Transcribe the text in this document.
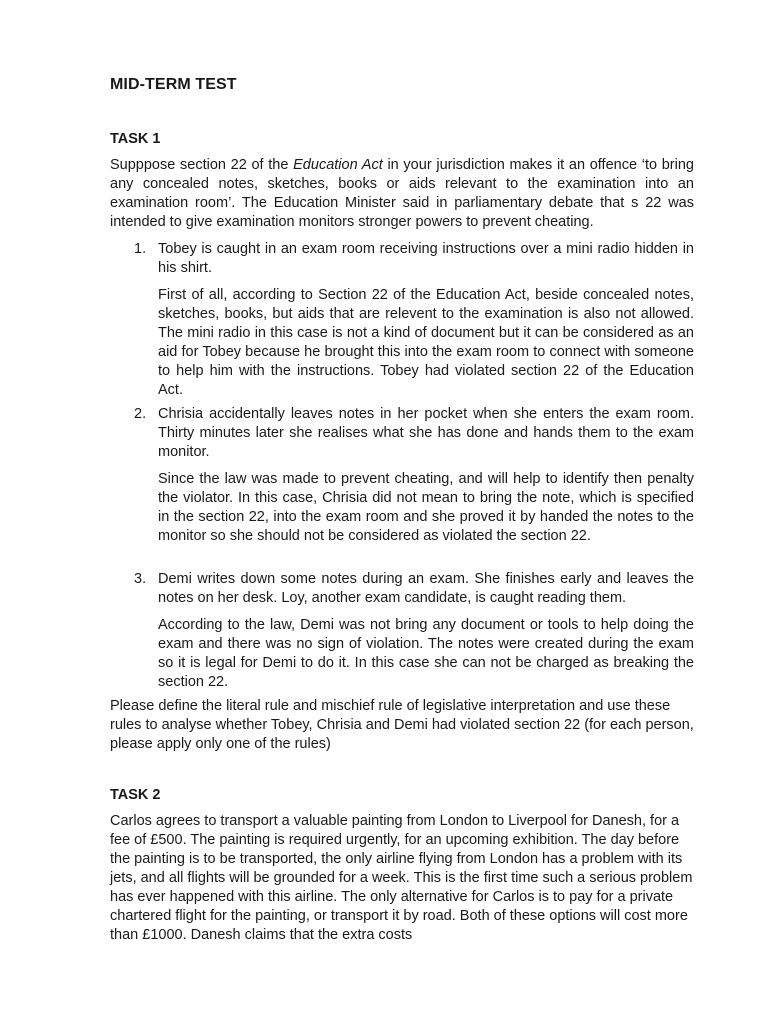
MID-TERM TEST
TASK 1
Supppose section 22 of the Education Act in your jurisdiction makes it an offence ‘to bring any concealed notes, sketches, books or aids relevant to the examination into an examination room’. The Education Minister said in parliamentary debate that s 22 was intended to give examination monitors stronger powers to prevent cheating.
1. Tobey is caught in an exam room receiving instructions over a mini radio hidden in his shirt.
First of all, according to Section 22 of the Education Act, beside concealed notes, sketches, books, but aids that are relevent to the examination is also not allowed. The mini radio in this case is not a kind of document but it can be considered as an aid for Tobey because he brought this into the exam room to connect with someone to help him with the instructions. Tobey had violated section 22 of the Education Act.
2. Chrisia accidentally leaves notes in her pocket when she enters the exam room. Thirty minutes later she realises what she has done and hands them to the exam monitor.
Since the law was made to prevent cheating, and will help to identify then penalty the violator. In this case, Chrisia did not mean to bring the note, which is specified in the section 22, into the exam room and she proved it by handed the notes to the monitor so she should not be considered as violated the section 22.
3. Demi writes down some notes during an exam. She finishes early and leaves the notes on her desk. Loy, another exam candidate, is caught reading them.
According to the law, Demi was not bring any document or tools to help doing the exam and there was no sign of violation. The notes were created during the exam so it is legal for Demi to do it. In this case she can not be charged as breaking the section 22.
Please define the literal rule and mischief rule of legislative interpretation and use these rules to analyse whether Tobey, Chrisia and Demi had violated section 22 (for each person, please apply only one of the rules)
TASK 2
Carlos agrees to transport a valuable painting from London to Liverpool for Danesh, for a fee of £500. The painting is required urgently, for an upcoming exhibition. The day before the painting is to be transported, the only airline flying from London has a problem with its jets, and all flights will be grounded for a week. This is the first time such a serious problem has ever happened with this airline. The only alternative for Carlos is to pay for a private chartered flight for the painting, or transport it by road. Both of these options will cost more than £1000. Danesh claims that the extra costs
